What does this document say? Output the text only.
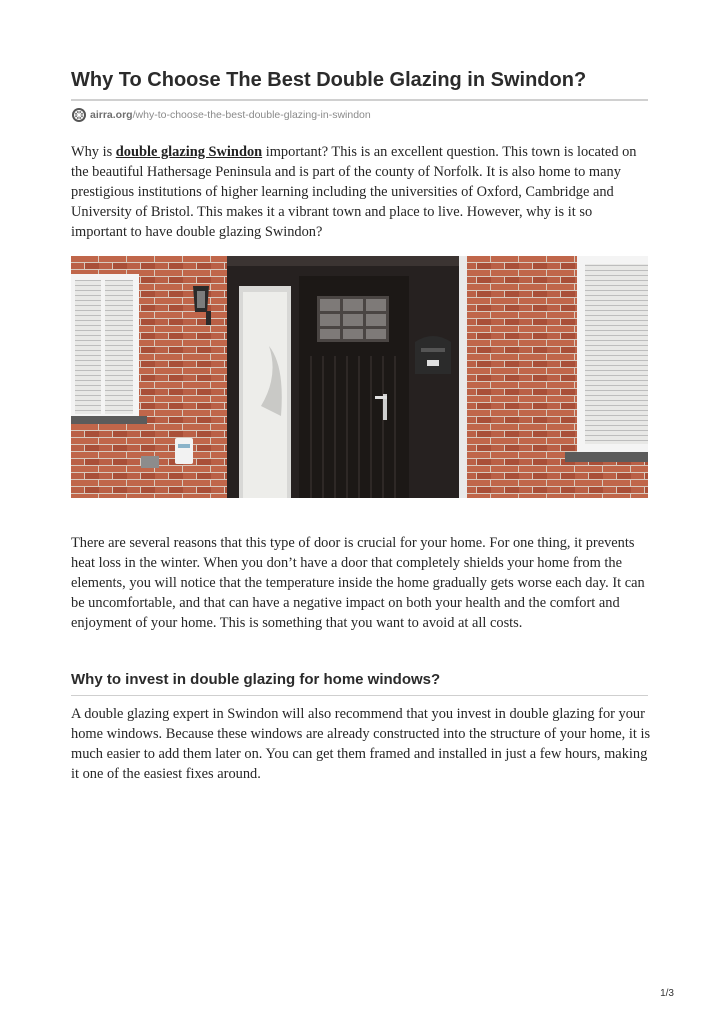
Why To Choose The Best Double Glazing in Swindon?
airra.org /why-to-choose-the-best-double-glazing-in-swindon

Why is double glazing Swindon important? This is an excellent question. This town is located on the beautiful Hathersage Peninsula and is part of the county of Norfolk. It is also home to many prestigious institutions of higher learning including the universities of Oxford, Cambridge and University of Bristol. This makes it a vibrant town and place to live. However, why is it so important to have double glazing Swindon?

There are several reasons that this type of door is crucial for your home. For one thing, it prevents heat loss in the winter. When you don’t have a door that completely shields your home from the elements, you will notice that the temperature inside the home gradually gets worse each day. It can be uncomfortable, and that can have a negative impact on both your health and the comfort and enjoyment of your home. This is something that you want to avoid at all costs.

Why to invest in double glazing for home windows?

A double glazing expert in Swindon will also recommend that you invest in double glazing for your home windows. Because these windows are already constructed into the structure of your home, it is much easier to add them later on. You can get them framed and installed in just a few hours, making it one of the easiest fixes around.

1/3
